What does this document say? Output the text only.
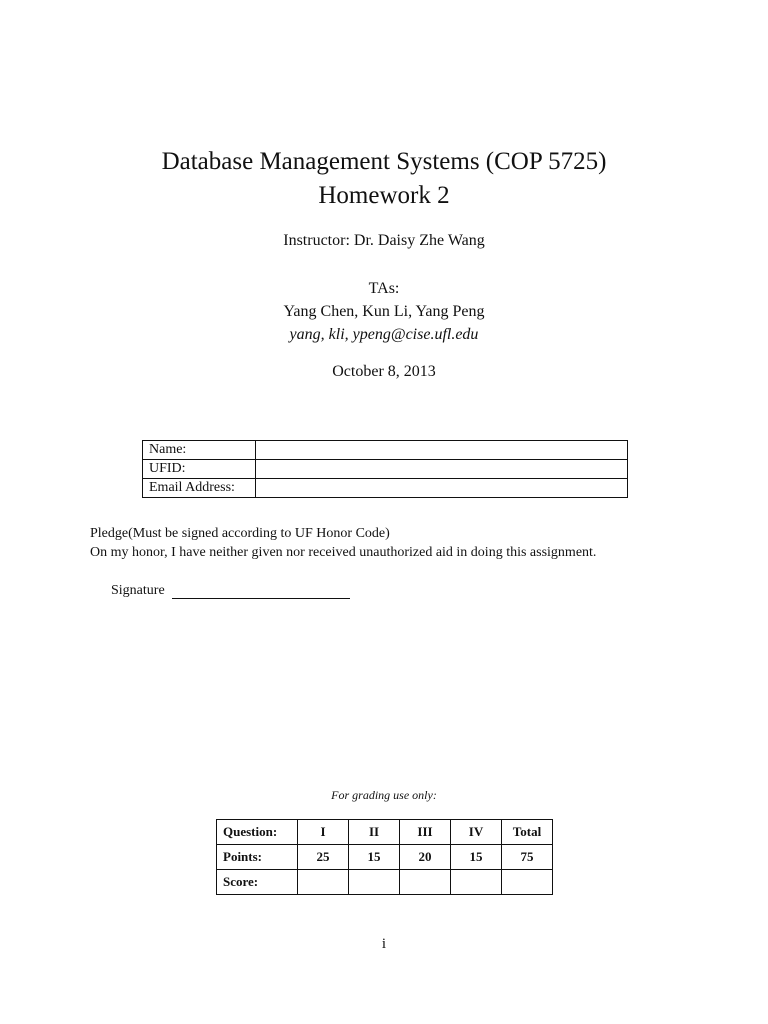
Database Management Systems (COP 5725)
Homework 2
Instructor: Dr. Daisy Zhe Wang
TAs:
Yang Chen, Kun Li, Yang Peng
yang, kli, ypeng@cise.ufl.edu
October 8, 2013
Name:	
UFID:	
Email Address:	
Pledge(Must be signed according to UF Honor Code)
On my honor, I have neither given nor received unauthorized aid in doing this assignment.
Signature
For grading use only:
Question:	I	II	III	IV	Total
Points:	25	15	20	15	75
Score:					
i
